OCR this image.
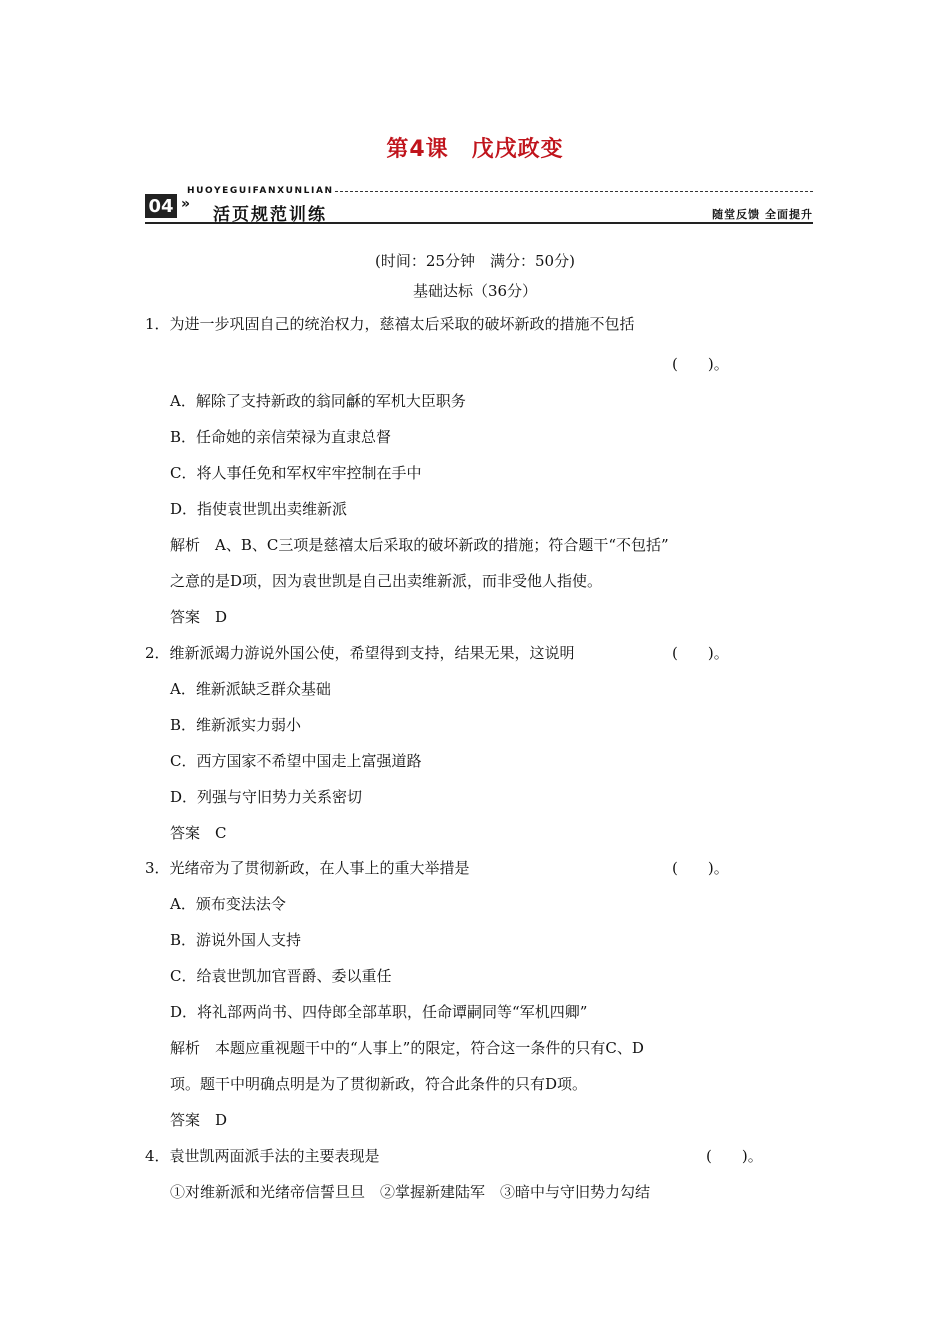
第4课　戊戌政变
04 »
HUOYEGUIFANXUNLIAN
活页规范训练	随堂反馈 全面提升
(时间：25分钟　满分：50分)
基础达标（36分）
1．为进一步巩固自己的统治权力，慈禧太后采取的破坏新政的措施不包括
(　　)。
A．解除了支持新政的翁同龢的军机大臣职务
B．任命她的亲信荣禄为直隶总督
C．将人事任免和军权牢牢控制在手中
D．指使袁世凯出卖维新派
解析　A、B、C三项是慈禧太后采取的破坏新政的措施；符合题干“不包括”
之意的是D项，因为袁世凯是自己出卖维新派，而非受他人指使。
答案　D
2．维新派竭力游说外国公使，希望得到支持，结果无果，这说明	(　　)。
A．维新派缺乏群众基础
B．维新派实力弱小
C．西方国家不希望中国走上富强道路
D．列强与守旧势力关系密切
答案　C
3．光绪帝为了贯彻新政，在人事上的重大举措是	(　　)。
A．颁布变法法令
B．游说外国人支持
C．给袁世凯加官晋爵、委以重任
D．将礼部两尚书、四侍郎全部革职，任命谭嗣同等“军机四卿”
解析　本题应重视题干中的“人事上”的限定，符合这一条件的只有C、D
项。题干中明确点明是为了贯彻新政，符合此条件的只有D项。
答案　D
4．袁世凯两面派手法的主要表现是	(　　)。
①对维新派和光绪帝信誓旦旦　②掌握新建陆军　③暗中与守旧势力勾结
